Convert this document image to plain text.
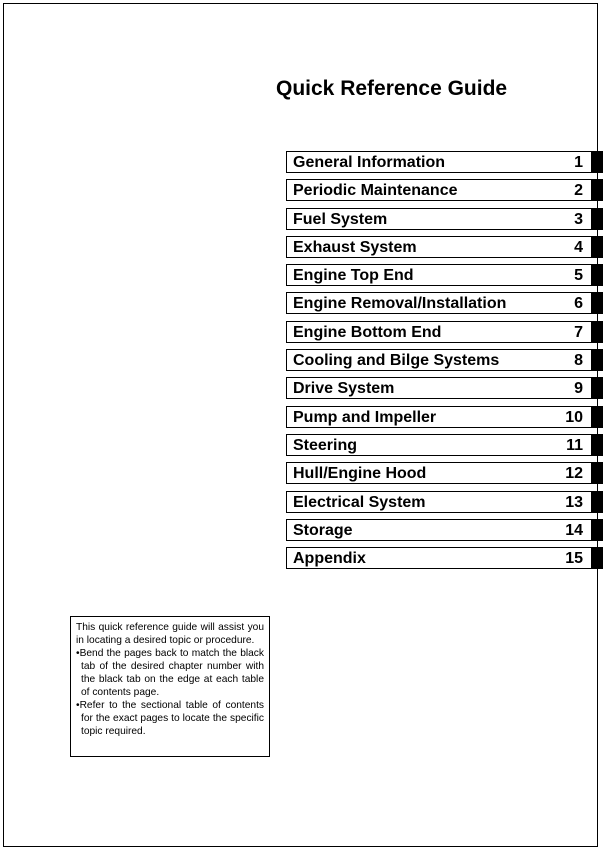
Quick Reference Guide
General Information	1
Periodic Maintenance	2
Fuel System	3
Exhaust System	4
Engine Top End	5
Engine Removal/Installation	6
Engine Bottom End	7
Cooling and Bilge Systems	8
Drive System	9
Pump and Impeller	10
Steering	11
Hull/Engine Hood	12
Electrical System	13
Storage	14
Appendix	15

This quick reference guide will assist you in locating a desired topic or procedure.

•Bend the pages back to match the black tab of the desired chapter number with the black tab on the edge at each table of contents page.

•Refer to the sectional table of contents for the exact pages to locate the specific topic required.
